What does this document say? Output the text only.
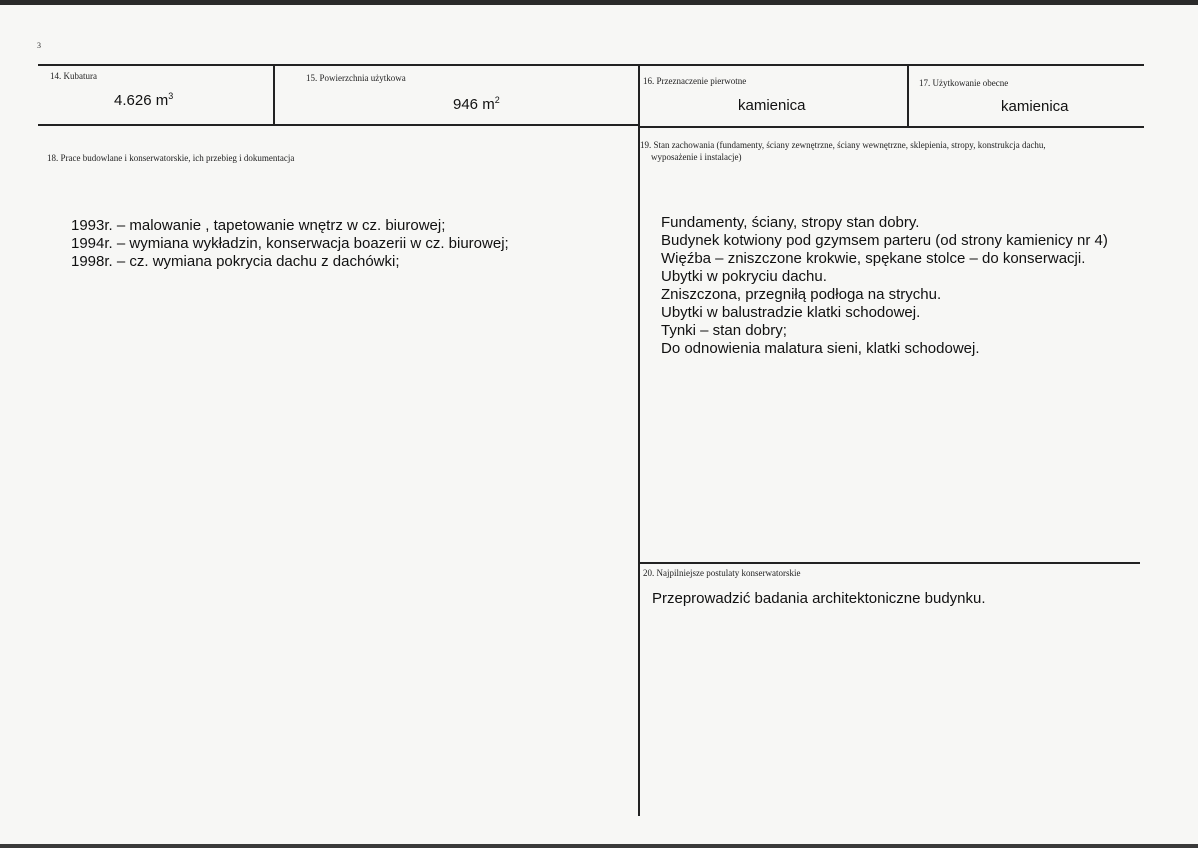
3
14. Kubatura
4.626 $m^3$
15. Powierzchnia użytkowa
946 $m^2$
16. Przeznaczenie pierwotne
kamienica
17. Użytkowanie obecne
kamienica
18. Prace budowlane i konserwatorskie, ich przebieg i dokumentacja
1993r. – malowanie , tapetowanie wnętrz w cz. biurowej;
1994r. – wymiana wykładzin, konserwacja boazerii w cz. biurowej;
1998r. – cz. wymiana pokrycia dachu z dachówki;
19. Stan zachowania (fundamenty, ściany zewnętrzne, ściany wewnętrzne, sklepienia, stropy, konstrukcja dachu,
wyposażenie i instalacje)
Fundamenty, ściany, stropy stan dobry.
Budynek kotwiony pod gzymsem parteru (od strony kamienicy nr 4)
Więźba – zniszczone krokwie, spękane stolce – do konserwacji.
Ubytki w pokryciu dachu.
Zniszczona, przegniłą podłoga na strychu.
Ubytki w balustradzie klatki schodowej.
Tynki – stan dobry;
Do odnowienia malatura sieni, klatki schodowej.
20. Najpilniejsze postulaty konserwatorskie
Przeprowadzić badania architektoniczne budynku.
